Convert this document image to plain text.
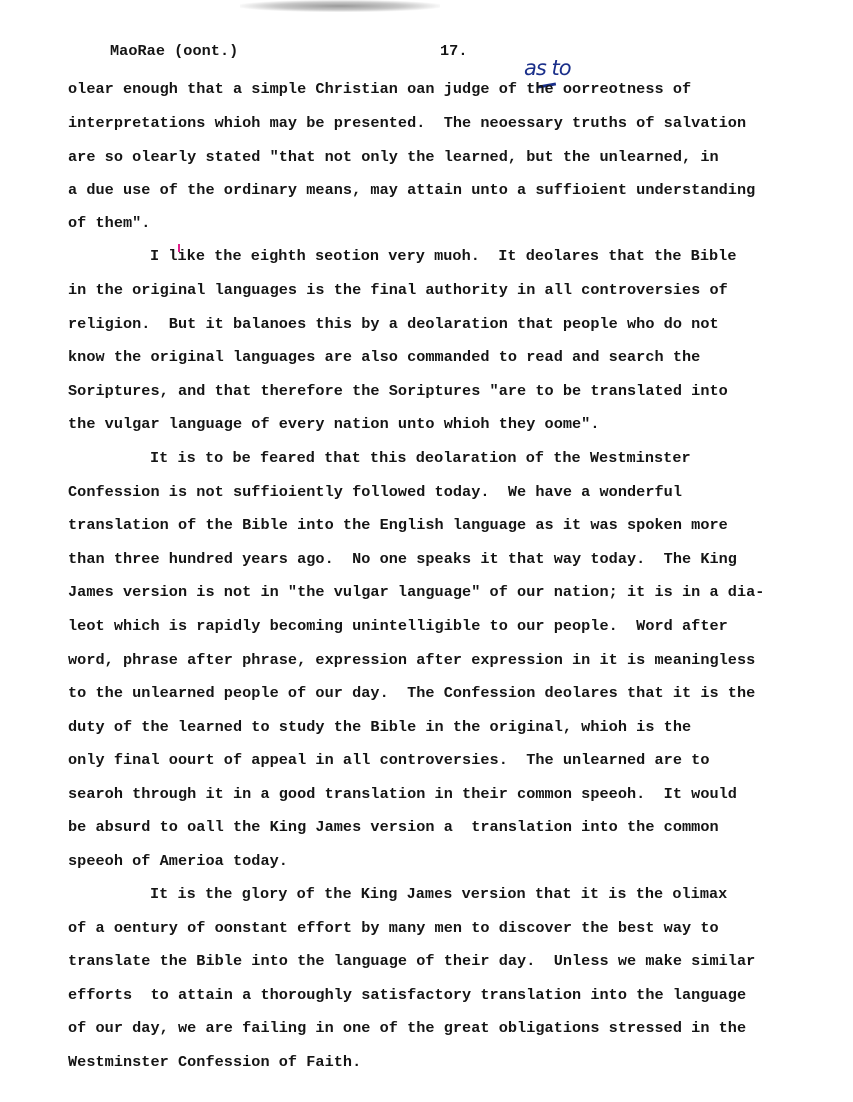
MaoRae (oont.)	17.
as to
olear enough that a simple Christian oan judge of the oorreotness of
interpretations whioh may be presented.  The neoessary truths of salvation
are so olearly stated "that not only the learned, but the unlearned, in
a due use of the ordinary means, may attain unto a suffioient understanding
of them".
I like the eighth seotion very muoh.  It deolares that the Bible
in the original languages is the final authority in all controversies of
religion.  But it balanoes this by a deolaration that people who do not
know the original languages are also commanded to read and search the
Soriptures, and that therefore the Soriptures "are to be translated into
the vulgar language of every nation unto whioh they oome".
It is to be feared that this deolaration of the Westminster
Confession is not suffioiently followed today.  We have a wonderful
translation of the Bible into the English language as it was spoken more
than three hundred years ago.  No one speaks it that way today.  The King
James version is not in "the vulgar language" of our nation; it is in a dia-
leot which is rapidly becoming unintelligible to our people.  Word after
word, phrase after phrase, expression after expression in it is meaningless
to the unlearned people of our day.  The Confession deolares that it is the
duty of the learned to study the Bible in the original, whioh is the
only final oourt of appeal in all controversies.  The unlearned are to
searoh through it in a good translation in their common speeoh.  It would
be absurd to oall the King James version a  translation into the common
speeoh of Amerioa today.
It is the glory of the King James version that it is the olimax
of a oentury of oonstant effort by many men to discover the best way to
translate the Bible into the language of their day.  Unless we make similar
efforts  to attain a thoroughly satisfactory translation into the language
of our day, we are failing in one of the great obligations stressed in the
Westminster Confession of Faith.
